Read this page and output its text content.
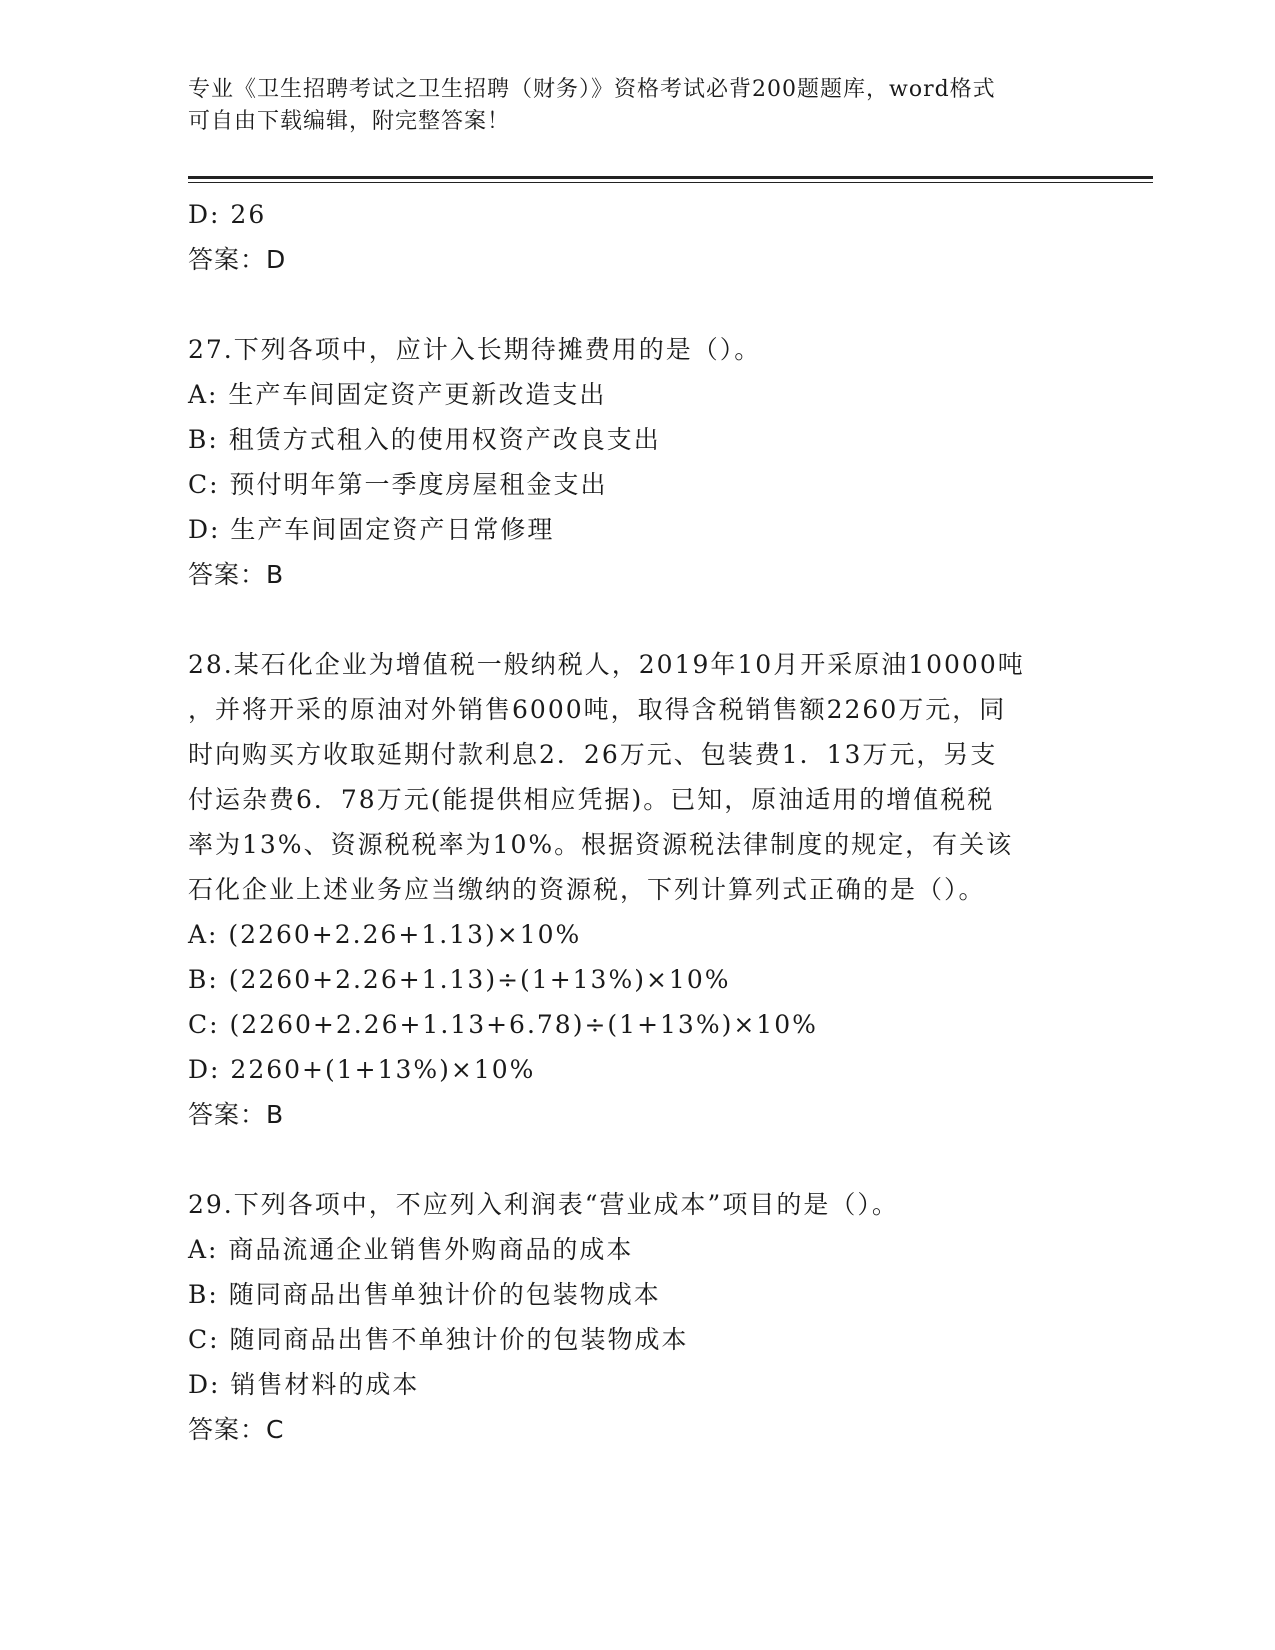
专业《卫生招聘考试之卫生招聘（财务）》资格考试必背200题题库，word格式
可自由下载编辑，附完整答案！
D: 26
答案：D
27.下列各项中，应计入长期待摊费用的是（）。
A: 生产车间固定资产更新改造支出
B: 租赁方式租入的使用权资产改良支出
C: 预付明年第一季度房屋租金支出
D: 生产车间固定资产日常修理
答案：B
28.某石化企业为增值税一般纳税人，2019年10月开采原油10000吨
，并将开采的原油对外销售6000吨，取得含税销售额2260万元，同
时向购买方收取延期付款利息2．26万元、包装费1．13万元，另支
付运杂费6．78万元(能提供相应凭据)。已知，原油适用的增值税税
率为13%、资源税税率为10%。根据资源税法律制度的规定，有关该
石化企业上述业务应当缴纳的资源税，下列计算列式正确的是（）。
A: (2260+2.26+1.13)×10%
B: (2260+2.26+1.13)÷(1+13%)×10%
C: (2260+2.26+1.13+6.78)÷(1+13%)×10%
D: 2260+(1+13%)×10%
答案：B
29.下列各项中，不应列入利润表“营业成本”项目的是（）。
A: 商品流通企业销售外购商品的成本
B: 随同商品出售单独计价的包装物成本
C: 随同商品出售不单独计价的包装物成本
D: 销售材料的成本
答案：C
